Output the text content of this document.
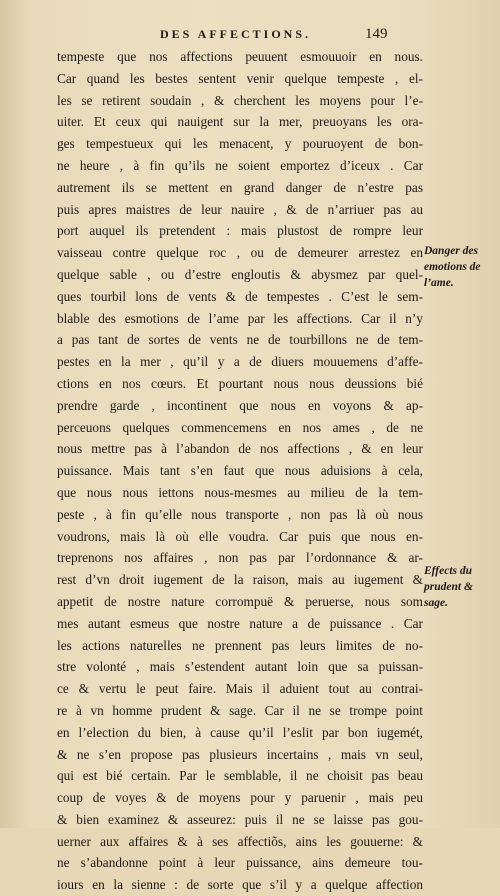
DES AFFECTIONS.	149
tempeste que nos affections peuuent esmouuoir en nous.
Car quand les bestes sentent venir quelque tempeste , el-
les se retirent soudain , & cherchent les moyens pour l’e-
uiter. Et ceux qui nauigent sur la mer, preuoyans les ora-
ges tempestueux qui les menacent, y pouruoyent de bon-
ne heure , à fin qu’ils ne soient emportez d’iceux . Car
autrement ils se mettent en grand danger de n’estre pas
puis apres maistres de leur nauire , & de n’arriuer pas au
port auquel ils pretendent : mais plustost de rompre leur
vaisseau contre quelque roc , ou de demeurer arrestez en
quelque sable , ou d’estre engloutis & abysmez par quel-
ques tourbil lons de vents & de tempestes . C’est le sem-
blable des esmotions de l’ame par les affections. Car il n’y
a pas tant de sortes de vents ne de tourbillons ne de tem-
pestes en la mer , qu’il y a de diuers mouuemens d’affe-
ctions en nos cœurs. Et pourtant nous nous deussions bié
prendre garde , incontinent que nous en voyons & ap-
perceuons quelques commencemens en nos ames , de ne
nous mettre pas à l’abandon de nos affections , & en leur
puissance. Mais tant s’en faut que nous aduisions à cela,
que nous nous iettons nous-mesmes au milieu de la tem-
peste , à fin qu’elle nous transporte , non pas là où nous
voudrons, mais là où elle voudra. Car puis que nous en-
treprenons nos affaires , non pas par l’ordonnance & ar-
rest d’vn droit iugement de la raison, mais au iugement &
appetit de nostre nature corrompuë & peruerse, nous som
mes autant esmeus que nostre nature a de puissance . Car
les actions naturelles ne prennent pas leurs limites de no-
stre volonté , mais s’estendent autant loin que sa puissan-
ce & vertu le peut faire. Mais il aduient tout au contrai-
re à vn homme prudent & sage. Car il ne se trompe point
en l’election du bien, à cause qu’il l’eslit par bon iugemét,
& ne s’en propose pas plusieurs incertains , mais vn seul,
qui est bié certain. Par le semblable, il ne choisit pas beau
coup de voyes & de moyens pour y paruenir , mais peu
& bien examinez & asseurez: puis il ne se laisse pas gou-
uerner aux affaires & à ses affectiõs, ains les gouuerne: &
ne s’abandonne point à leur puissance, ains demeure tou-
iours en la sienne : de sorte que s’il y a quelque affection
Danger des
emotions de
l’ame.
Effects du
prudent &
sage.
